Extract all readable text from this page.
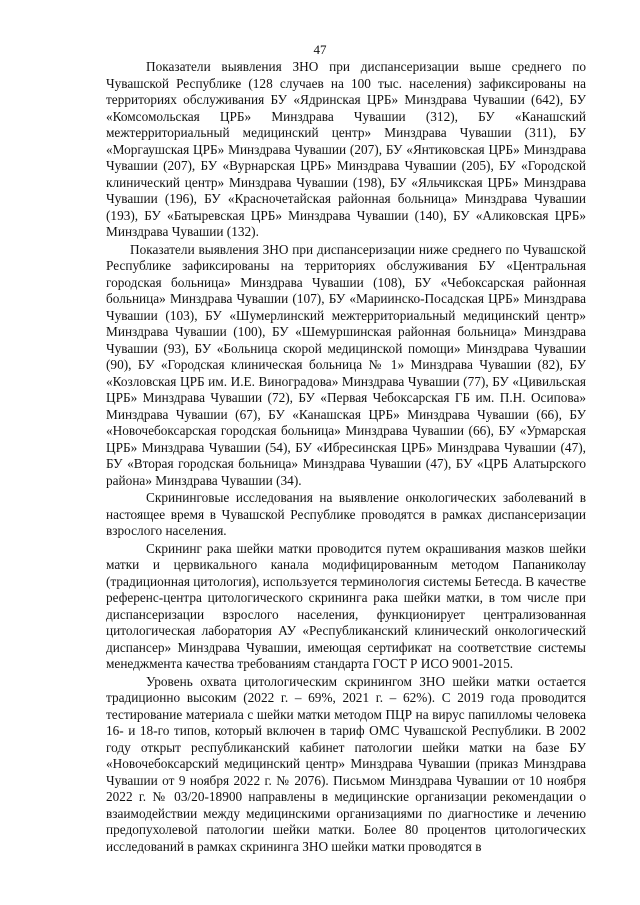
47

Показатели выявления ЗНО при диспансеризации выше среднего по Чувашской Республике (128 случаев на 100 тыс. населения) зафиксированы на территориях обслуживания БУ «Ядринская ЦРБ» Минздрава Чувашии (642), БУ «Комсомольская ЦРБ» Минздрава Чувашии (312), БУ «Канашский межтерриториальный медицинский центр» Минздрава Чувашии (311), БУ «Моргаушская ЦРБ» Минздрава Чувашии (207), БУ «Янтиковская ЦРБ» Минздрава Чувашии (207), БУ «Вурнарская ЦРБ» Минздрава Чувашии (205), БУ «Городской клинический центр» Минздрава Чувашии (198), БУ «Яльчикская ЦРБ» Минздрава Чувашии (196), БУ «Красночетайская районная больница» Минздрава Чувашии (193), БУ «Батыревская ЦРБ» Минздрава Чувашии (140), БУ «Аликовская ЦРБ» Минздрава Чувашии (132).

Показатели выявления ЗНО при диспансеризации ниже среднего по Чувашской Республике зафиксированы на территориях обслуживания БУ «Центральная городская больница» Минздрава Чувашии (108), БУ «Чебоксарская районная больница» Минздрава Чувашии (107), БУ «Мариинско-Посадская ЦРБ» Минздрава Чувашии (103), БУ «Шумерлинский межтерриториальный медицинский центр» Минздрава Чувашии (100), БУ «Шемуршинская районная больница» Минздрава Чувашии (93), БУ «Больница скорой медицинской помощи» Минздрава Чувашии (90), БУ «Городская клиническая больница № 1» Минздрава Чувашии (82), БУ «Козловская ЦРБ им. И.Е. Виноградова» Минздрава Чувашии (77), БУ «Цивильская ЦРБ» Минздрава Чувашии (72), БУ «Первая Чебоксарская ГБ им. П.Н. Осипова» Минздрава Чувашии (67), БУ «Канашская ЦРБ» Минздрава Чувашии (66), БУ «Новочебоксарская городская больница» Минздрава Чувашии (66), БУ «Урмарская ЦРБ» Минздрава Чувашии (54), БУ «Ибресинская ЦРБ» Минздрава Чувашии (47), БУ «Вторая городская больница» Минздрава Чувашии (47), БУ «ЦРБ Алатырского района» Минздрава Чувашии (34).

Скрининговые исследования на выявление онкологических заболеваний в настоящее время в Чувашской Республике проводятся в рамках диспансеризации взрослого населения.

Скрининг рака шейки матки проводится путем окрашивания мазков шейки матки и цервикального канала модифицированным методом Папаниколау (традиционная цитология), используется терминология системы Бетесда. В качестве референс-центра цитологического скрининга рака шейки матки, в том числе при диспансеризации взрослого населения, функционирует централизованная цитологическая лаборатория АУ «Республиканский клинический онкологический диспансер» Минздрава Чувашии, имеющая сертификат на соответствие системы менеджмента качества требованиям стандарта ГОСТ Р ИСО 9001-2015.

Уровень охвата цитологическим скринингом ЗНО шейки матки остается традиционно высоким (2022 г. – 69%, 2021 г. – 62%). С 2019 года проводится тестирование материала с шейки матки методом ПЦР на вирус папилломы человека 16- и 18-го типов, который включен в тариф ОМС Чувашской Республики. В 2002 году открыт республиканский кабинет патологии шейки матки на базе БУ «Новочебоксарский медицинский центр» Минздрава Чувашии (приказ Минздрава Чувашии от 9 ноября 2022 г. № 2076). Письмом Минздрава Чувашии от 10 ноября 2022 г. № 03/20-18900 направлены в медицинские организации рекомендации о взаимодействии между медицинскими организациями по диагностике и лечению предопухолевой патологии шейки матки. Более 80 процентов цитологических исследований в рамках скрининга ЗНО шейки матки проводятся в
